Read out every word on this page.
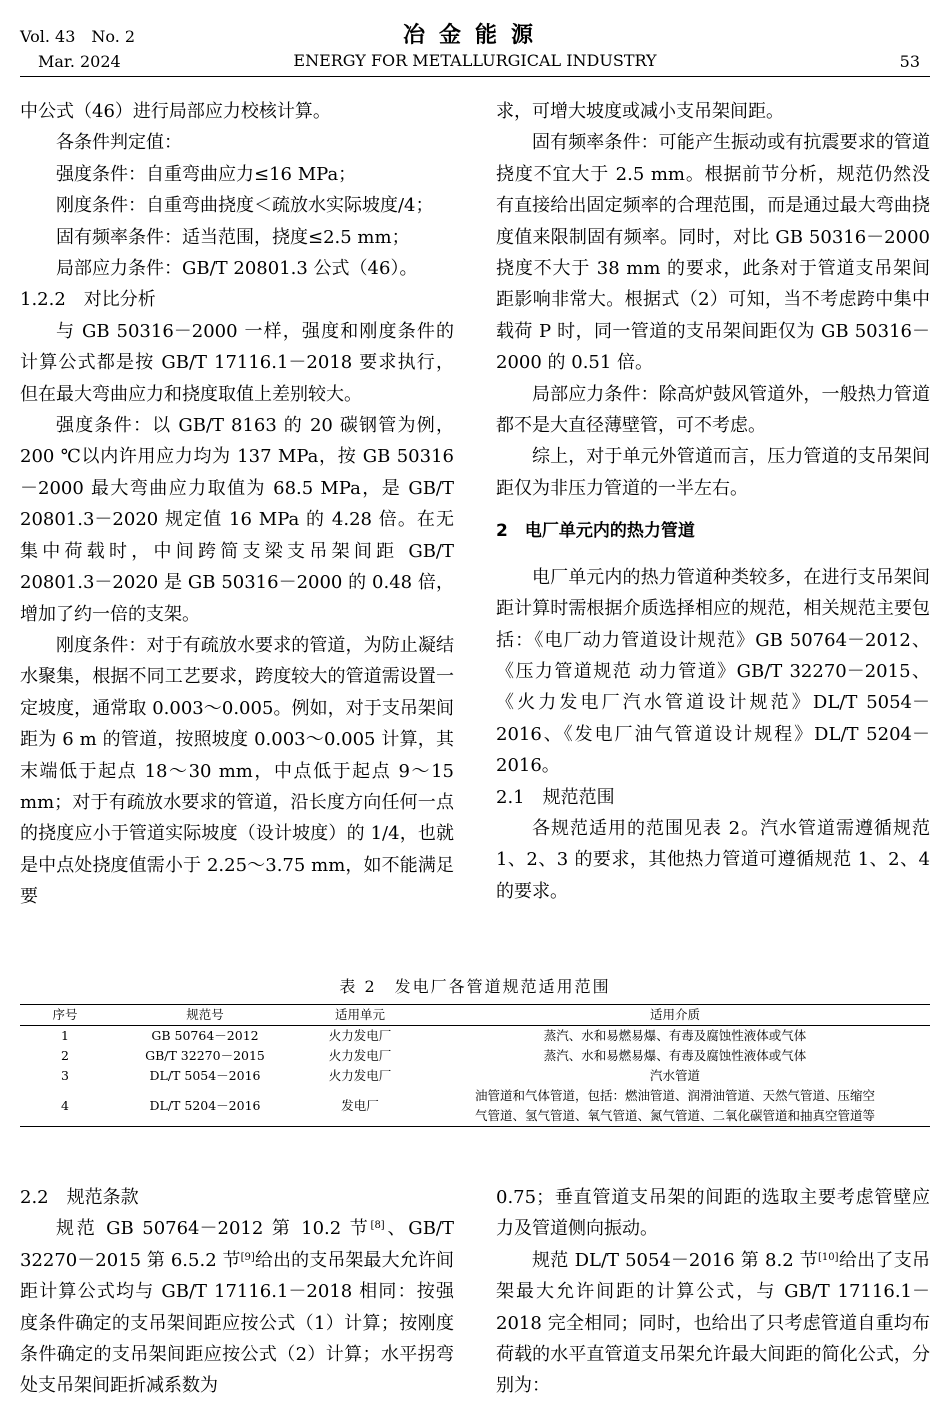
Vol. 43　No. 2
Mar. 2024
冶金能源
ENERGY FOR METALLURGICAL INDUSTRY	53

中公式（46）进行局部应力校核计算。

各条件判定值：

强度条件：自重弯曲应力≤16 MPa；

刚度条件：自重弯曲挠度＜疏放水实际坡度/4；

固有频率条件：适当范围，挠度≤2.5 mm；

局部应力条件：GB/T 20801.3 公式（46）。

1.2.2　对比分析

与 GB 50316－2000 一样，强度和刚度条件的计算公式都是按 GB/T 17116.1－2018 要求执行，但在最大弯曲应力和挠度取值上差别较大。

强度条件：以 GB/T 8163 的 20 碳钢管为例，200 ℃以内许用应力均为 137 MPa，按 GB 50316－2000 最大弯曲应力取值为 68.5 MPa，是 GB/T 20801.3－2020 规定值 16 MPa 的 4.28 倍。在无集中荷载时，中间跨简支梁支吊架间距 GB/T 20801.3－2020 是 GB 50316－2000 的 0.48 倍，增加了约一倍的支架。

刚度条件：对于有疏放水要求的管道，为防止凝结水聚集，根据不同工艺要求，跨度较大的管道需设置一定坡度，通常取 0.003～0.005。例如，对于支吊架间距为 6 m 的管道，按照坡度 0.003～0.005 计算，其末端低于起点 18～30 mm，中点低于起点 9～15 mm；对于有疏放水要求的管道，沿长度方向任何一点的挠度应小于管道实际坡度（设计坡度）的 1/4，也就是中点处挠度值需小于 2.25～3.75 mm，如不能满足要

求，可增大坡度或减小支吊架间距。

固有频率条件：可能产生振动或有抗震要求的管道挠度不宜大于 2.5 mm。根据前节分析，规范仍然没有直接给出固定频率的合理范围，而是通过最大弯曲挠度值来限制固有频率。同时，对比 GB 50316－2000 挠度不大于 38 mm 的要求，此条对于管道支吊架间距影响非常大。根据式（2）可知，当不考虑跨中集中载荷 P 时，同一管道的支吊架间距仅为 GB 50316－2000 的 0.51 倍。

局部应力条件：除高炉鼓风管道外，一般热力管道都不是大直径薄壁管，可不考虑。

综上，对于单元外管道而言，压力管道的支吊架间距仅为非压力管道的一半左右。

2　电厂单元内的热力管道

电厂单元内的热力管道种类较多，在进行支吊架间距计算时需根据介质选择相应的规范，相关规范主要包括：《电厂动力管道设计规范》GB 50764－2012、《压力管道规范 动力管道》GB/T 32270－2015、《火力发电厂汽水管道设计规范》DL/T 5054－2016、《发电厂油气管道设计规程》DL/T 5204－2016。

2.1　规范范围

各规范适用的范围见表 2。汽水管道需遵循规范 1、2、3 的要求，其他热力管道可遵循规范 1、2、4 的要求。

表 2　发电厂各管道规范适用范围
序号	规范号	适用单元	适用介质
1	GB 50764－2012	火力发电厂	蒸汽、水和易燃易爆、有毒及腐蚀性液体或气体
2	GB/T 32270－2015	火力发电厂	蒸汽、水和易燃易爆、有毒及腐蚀性液体或气体
3	DL/T 5054－2016	火力发电厂	汽水管道
4	DL/T 5204－2016	发电厂	油管道和气体管道，包括：燃油管道、润滑油管道、天然气管道、压缩空
气管道、氢气管道、氧气管道、氮气管道、二氧化碳管道和抽真空管道等

2.2　规范条款

规范 GB 50764－2012 第 10.2 节[8]、GB/T 32270－2015 第 6.5.2 节[9]给出的支吊架最大允许间距计算公式均与 GB/T 17116.1－2018 相同：按强度条件确定的支吊架间距应按公式（1）计算；按刚度条件确定的支吊架间距应按公式（2）计算；水平拐弯处支吊架间距折减系数为

0.75；垂直管道支吊架的间距的选取主要考虑管壁应力及管道侧向振动。

规范 DL/T 5054－2016 第 8.2 节[10]给出了支吊架最大允许间距的计算公式，与 GB/T 17116.1－2018 完全相同；同时，也给出了只考虑管道自重均布荷载的水平直管道支吊架允许最大间距的简化公式，分别为：
